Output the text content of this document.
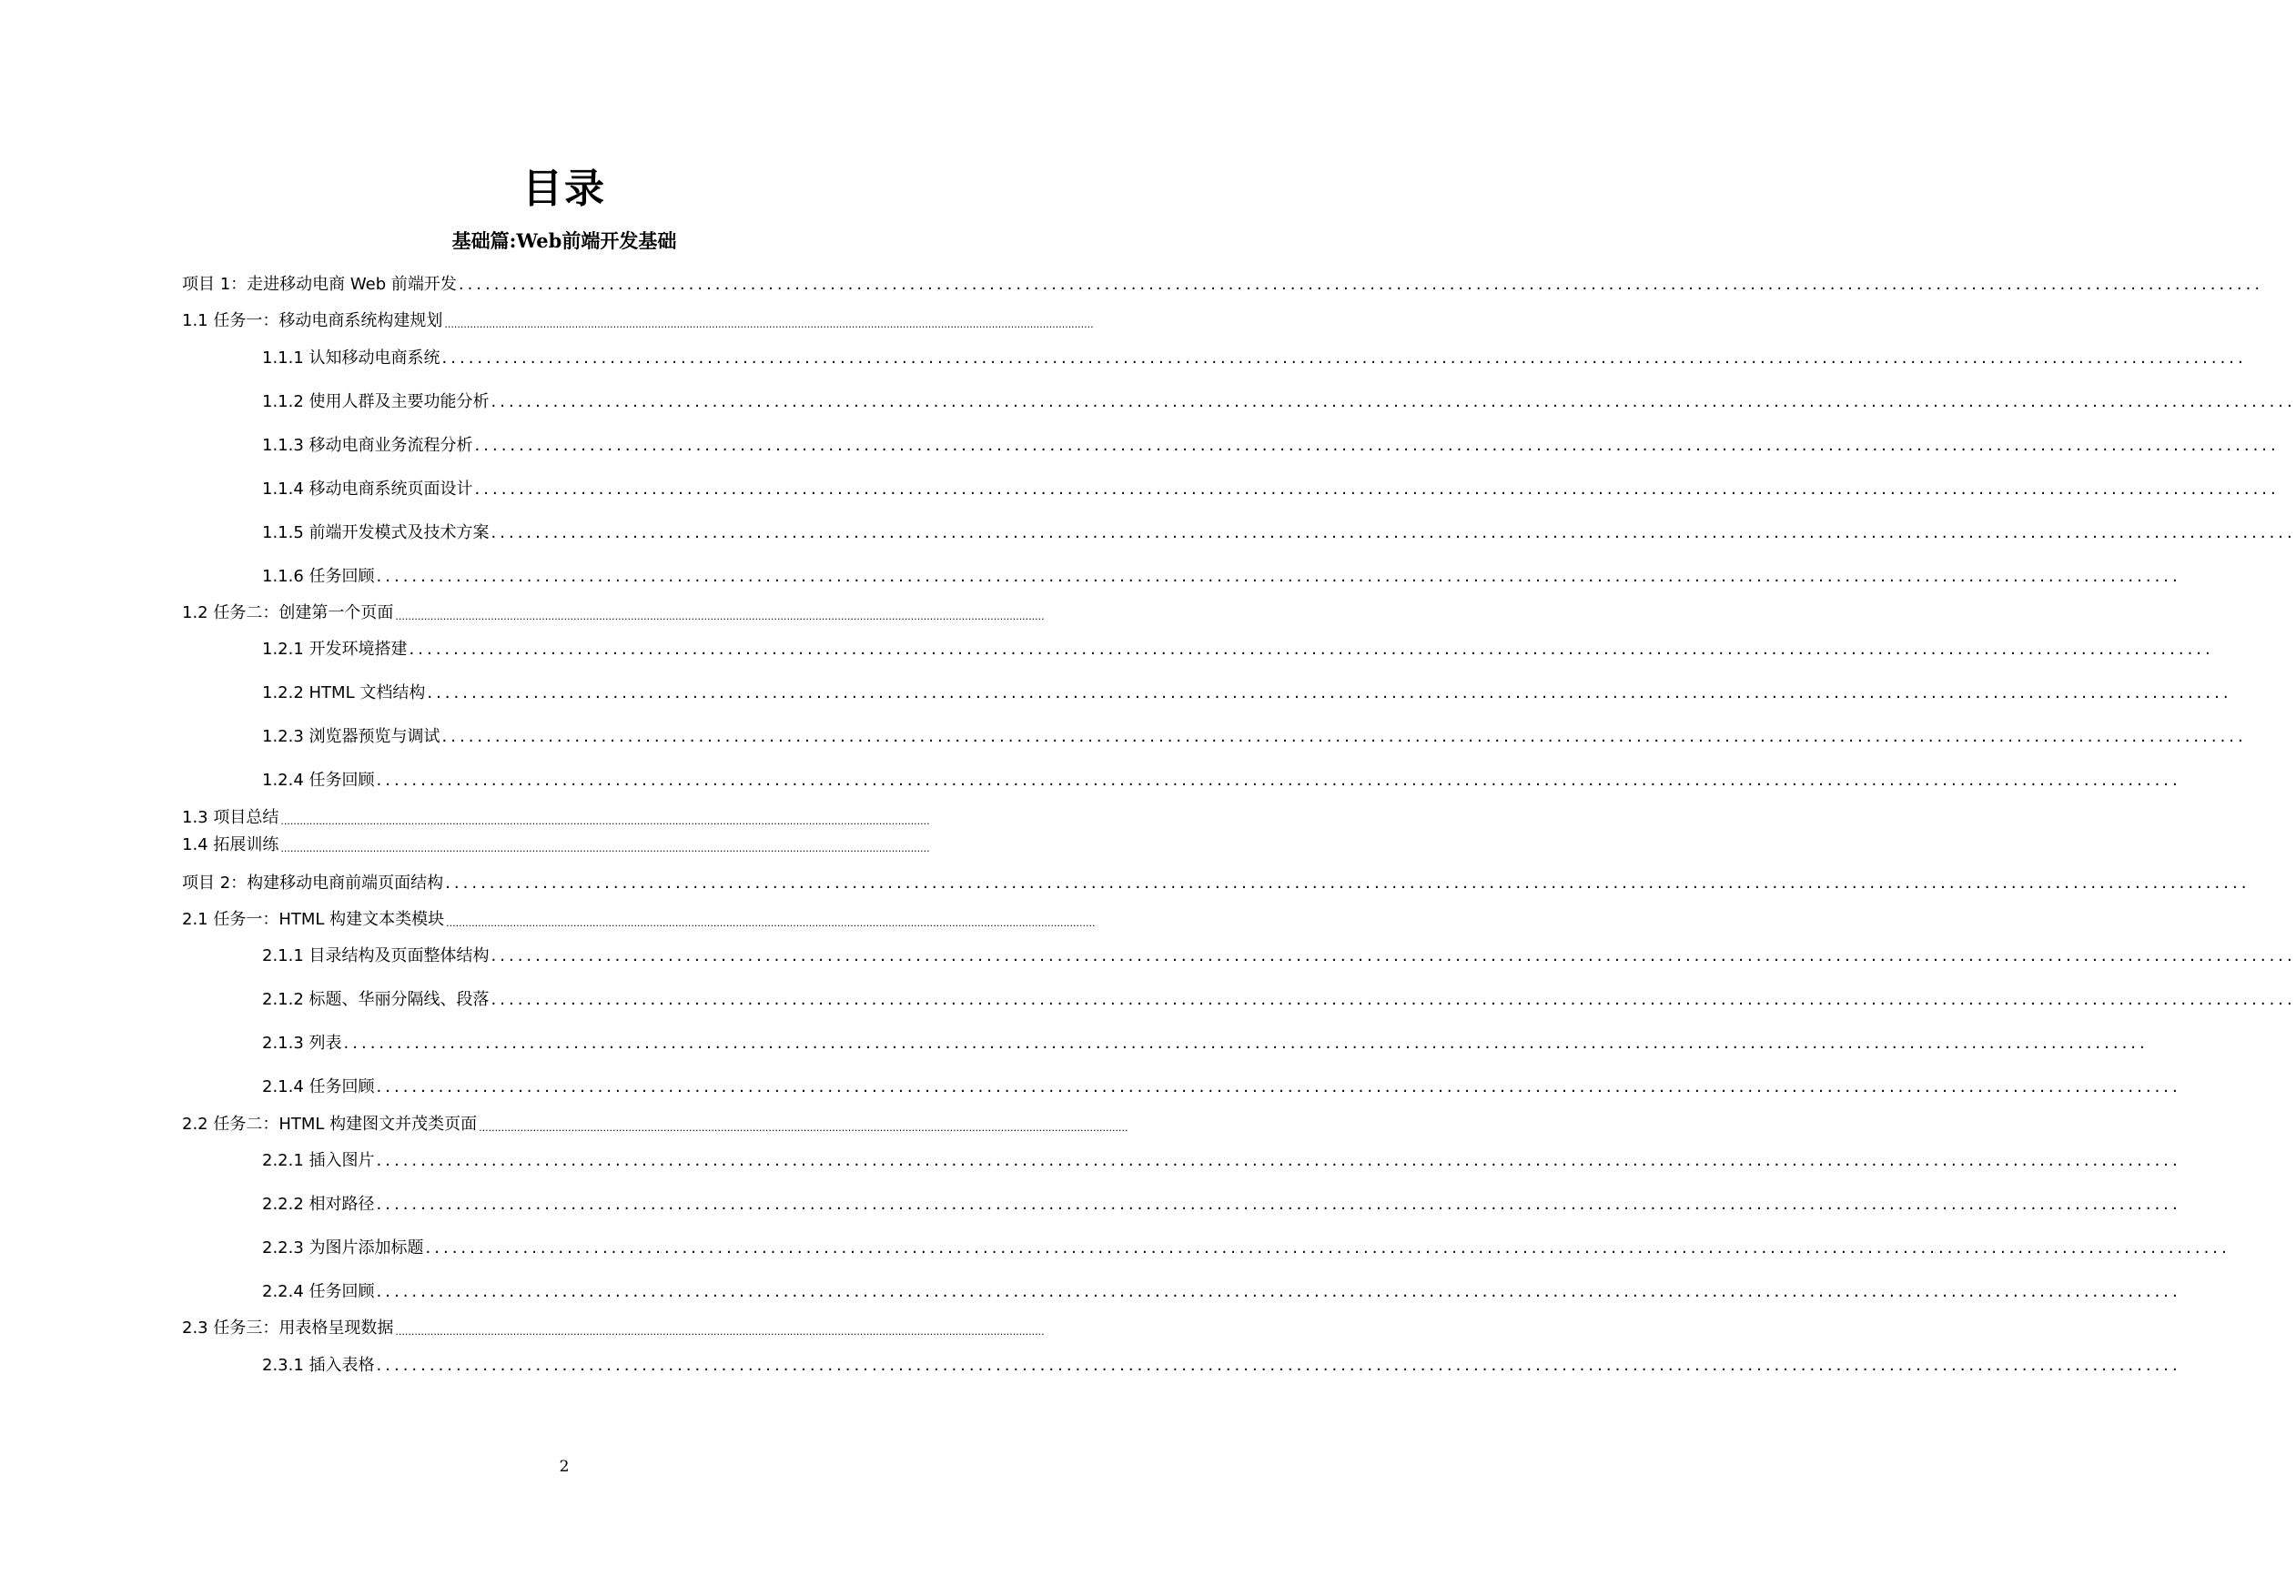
目录
基础篇:Web前端开发基础
项目 1：走进移动电商 Web 前端开发 ............................................................................................................................................................................................................
1.1 任务一：移动电商系统构建规划 ............................................................................................................................................................................................................
1.1.1 认知移动电商系统 ............................................................................................................................................................................................................
1.1.2 使用人群及主要功能分析 ............................................................................................................................................................................................................
1.1.3 移动电商业务流程分析 ............................................................................................................................................................................................................
1.1.4 移动电商系统页面设计 ............................................................................................................................................................................................................
1.1.5 前端开发模式及技术方案 ............................................................................................................................................................................................................
1.1.6 任务回顾 ............................................................................................................................................................................................................
1.2 任务二：创建第一个页面 ............................................................................................................................................................................................................
1.2.1 开发环境搭建 ............................................................................................................................................................................................................
1.2.2 HTML 文档结构 ............................................................................................................................................................................................................
1.2.3 浏览器预览与调试 ............................................................................................................................................................................................................
1.2.4 任务回顾 ............................................................................................................................................................................................................
1.3 项目总结 ............................................................................................................................................................................................................
1.4 拓展训练 ............................................................................................................................................................................................................
项目 2：构建移动电商前端页面结构 ............................................................................................................................................................................................................
2.1 任务一：HTML 构建文本类模块 ............................................................................................................................................................................................................
2.1.1 目录结构及页面整体结构 ............................................................................................................................................................................................................
2.1.2 标题、华丽分隔线、段落 ............................................................................................................................................................................................................
2.1.3 列表 ............................................................................................................................................................................................................
2.1.4 任务回顾 ............................................................................................................................................................................................................
2.2 任务二：HTML 构建图文并茂类页面 ............................................................................................................................................................................................................
2.2.1 插入图片 ............................................................................................................................................................................................................
2.2.2 相对路径 ............................................................................................................................................................................................................
2.2.3 为图片添加标题 ............................................................................................................................................................................................................
2.2.4 任务回顾 ............................................................................................................................................................................................................
2.3 任务三：用表格呈现数据 ............................................................................................................................................................................................................
2.3.1 插入表格 ............................................................................................................................................................................................................
2
